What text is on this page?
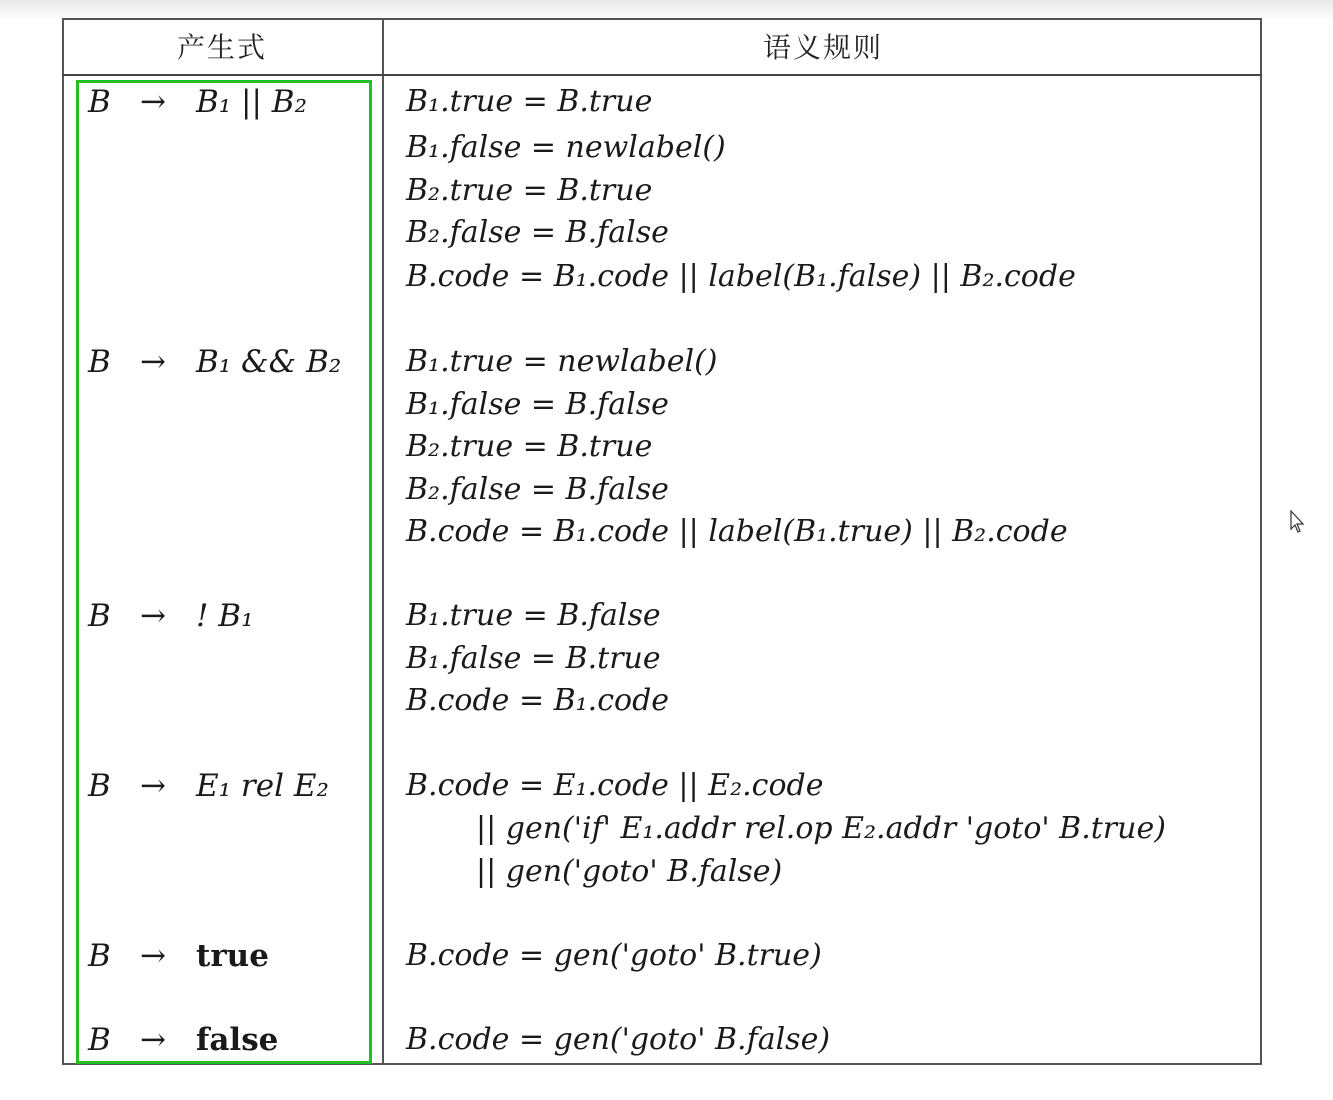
产生式	语义规则
B → B₁ || B₂
B → B₁ && B₂
B → ! B₁
B → E₁ rel E₂
B → true
B → false
B₁.true = B.true
B₁.false = newlabel()
B₂.true = B.true
B₂.false = B.false
B.code = B₁.code || label(B₁.false) || B₂.code
B₁.true = newlabel()
B₁.false = B.false
B₂.true = B.true
B₂.false = B.false
B.code = B₁.code || label(B₁.true) || B₂.code
B₁.true = B.false
B₁.false = B.true
B.code = B₁.code
B.code = E₁.code || E₂.code
|| gen('if' E₁.addr rel.op E₂.addr 'goto' B.true)
|| gen('goto' B.false)
B.code = gen('goto' B.true)
B.code = gen('goto' B.false)
